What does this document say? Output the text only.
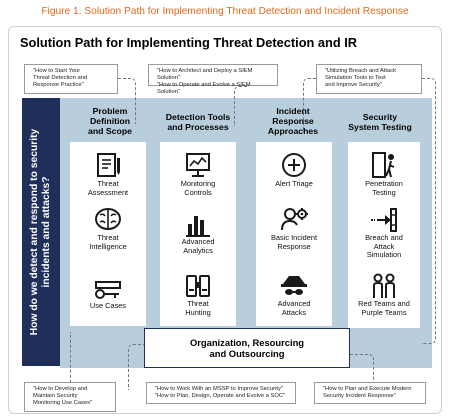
Figure 1. Solution Path for Implementing Threat Detection and Incident Response
Solution Path for Implementing Threat Detection and IR
"How to Start Your
Threat Detection and
Response Practice"
"How to Architect and Deploy a SIEM Solution"
"How to Operate and Evolve a SIEM Solution"
"Utilizing Breach and Attack
Simulation Tools to Test
and Improve Security"
How do we detect and respond to security incidents and attacks?
Problem
Definition
and Scope
Threat
Assessment
Threat
Intelligence
Use Cases
Detection Tools
and Processes
Monitoring
Controls
Advanced
Analytics
Threat
Hunting
Incident
Response
Approaches
Alert Triage
Basic Incident
Response
Advanced
Attacks
Security
System Testing
Penetration
Testing
Breach and
Attack
Simulation
Red Teams and
Purple Teams
Organization, Resourcing
and Outsourcing
"How to Develop and
Maintain Security
Monitoring Use Cases"
"How to Work With an MSSP to Improve Security"
"How to Plan, Design, Operate and Evolve a SOC"
"How to Plan and Execute Modern
Security Incident Response"
